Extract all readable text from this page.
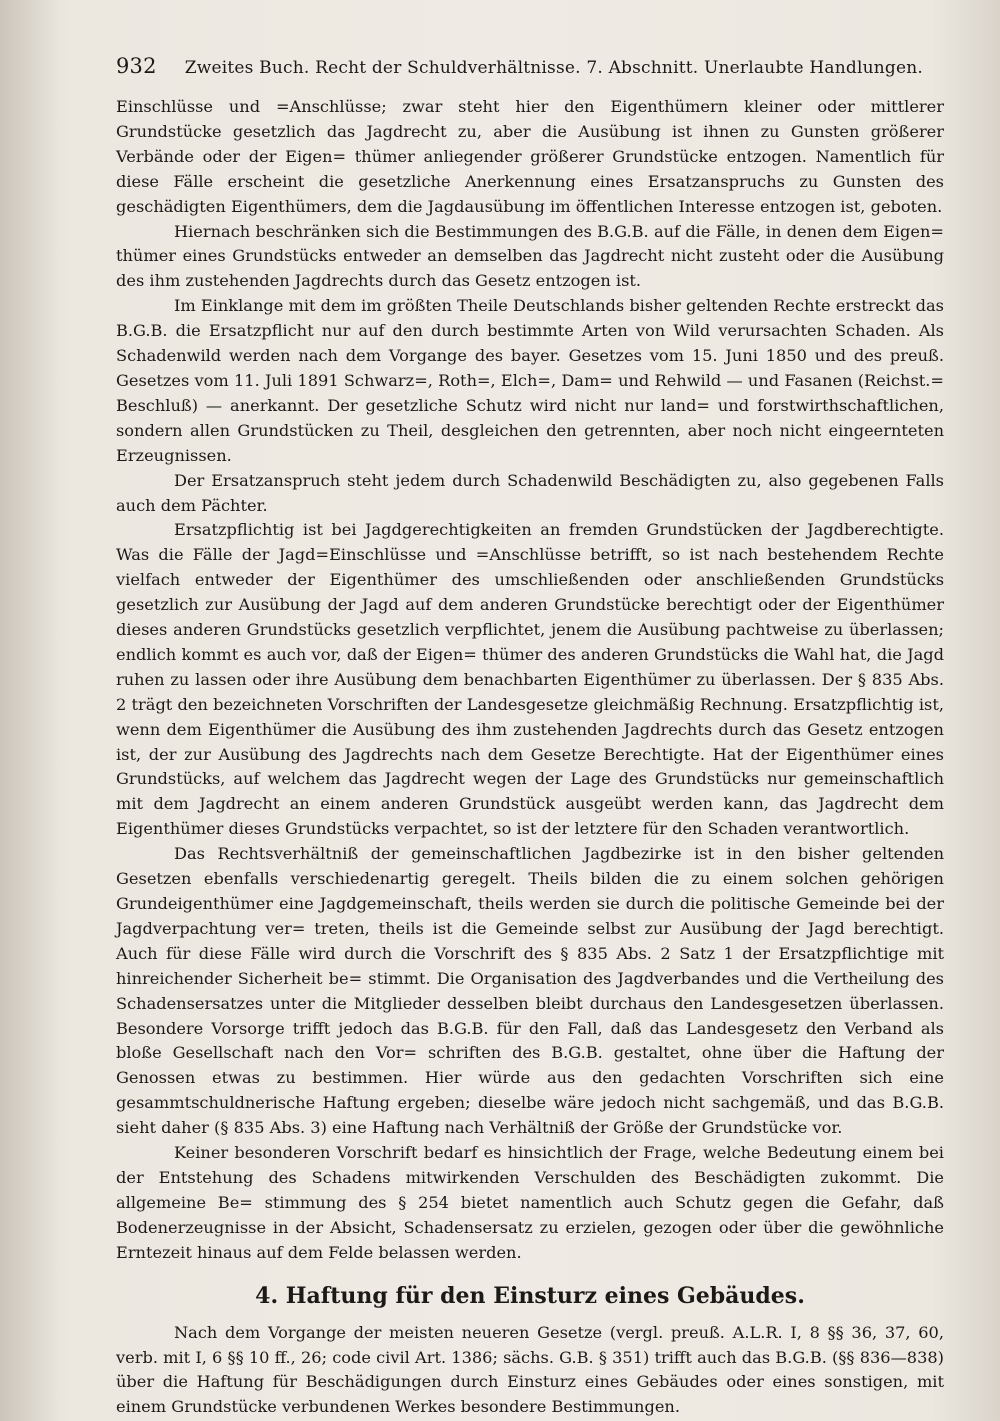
932 Zweites Buch. Recht der Schuldverhältnisse. 7. Abschnitt. Unerlaubte Handlungen.

Einschlüsse und =Anschlüsse; zwar steht hier den Eigenthümern kleiner oder mittlerer Grundstücke gesetzlich das Jagdrecht zu, aber die Ausübung ist ihnen zu Gunsten größerer Verbände oder der Eigen= thümer anliegender größerer Grundstücke entzogen. Namentlich für diese Fälle erscheint die gesetzliche Anerkennung eines Ersatzanspruchs zu Gunsten des geschädigten Eigenthümers, dem die Jagdausübung im öffentlichen Interesse entzogen ist, geboten.

Hiernach beschränken sich die Bestimmungen des B.G.B. auf die Fälle, in denen dem Eigen= thümer eines Grundstücks entweder an demselben das Jagdrecht nicht zusteht oder die Ausübung des ihm zustehenden Jagdrechts durch das Gesetz entzogen ist.

Im Einklange mit dem im größten Theile Deutschlands bisher geltenden Rechte erstreckt das B.G.B. die Ersatzpflicht nur auf den durch bestimmte Arten von Wild verursachten Schaden. Als Schadenwild werden nach dem Vorgange des bayer. Gesetzes vom 15. Juni 1850 und des preuß. Gesetzes vom 11. Juli 1891 Schwarz=, Roth=, Elch=, Dam= und Rehwild — und Fasanen (Reichst.= Beschluß) — anerkannt. Der gesetzliche Schutz wird nicht nur land= und forstwirthschaftlichen, sondern allen Grundstücken zu Theil, desgleichen den getrennten, aber noch nicht eingeernteten Erzeugnissen.

Der Ersatzanspruch steht jedem durch Schadenwild Beschädigten zu, also gegebenen Falls auch dem Pächter.

Ersatzpflichtig ist bei Jagdgerechtigkeiten an fremden Grundstücken der Jagdberechtigte. Was die Fälle der Jagd=Einschlüsse und =Anschlüsse betrifft, so ist nach bestehendem Rechte vielfach entweder der Eigenthümer des umschließenden oder anschließenden Grundstücks gesetzlich zur Ausübung der Jagd auf dem anderen Grundstücke berechtigt oder der Eigenthümer dieses anderen Grundstücks gesetzlich verpflichtet, jenem die Ausübung pachtweise zu überlassen; endlich kommt es auch vor, daß der Eigen= thümer des anderen Grundstücks die Wahl hat, die Jagd ruhen zu lassen oder ihre Ausübung dem benachbarten Eigenthümer zu überlassen. Der § 835 Abs. 2 trägt den bezeichneten Vorschriften der Landesgesetze gleichmäßig Rechnung. Ersatzpflichtig ist, wenn dem Eigenthümer die Ausübung des ihm zustehenden Jagdrechts durch das Gesetz entzogen ist, der zur Ausübung des Jagdrechts nach dem Gesetze Berechtigte. Hat der Eigenthümer eines Grundstücks, auf welchem das Jagdrecht wegen der Lage des Grundstücks nur gemeinschaftlich mit dem Jagdrecht an einem anderen Grundstück ausgeübt werden kann, das Jagdrecht dem Eigenthümer dieses Grundstücks verpachtet, so ist der letztere für den Schaden verantwortlich.

Das Rechtsverhältniß der gemeinschaftlichen Jagdbezirke ist in den bisher geltenden Gesetzen ebenfalls verschiedenartig geregelt. Theils bilden die zu einem solchen gehörigen Grundeigenthümer eine Jagdgemeinschaft, theils werden sie durch die politische Gemeinde bei der Jagdverpachtung ver= treten, theils ist die Gemeinde selbst zur Ausübung der Jagd berechtigt. Auch für diese Fälle wird durch die Vorschrift des § 835 Abs. 2 Satz 1 der Ersatzpflichtige mit hinreichender Sicherheit be= stimmt. Die Organisation des Jagdverbandes und die Vertheilung des Schadensersatzes unter die Mitglieder desselben bleibt durchaus den Landesgesetzen überlassen. Besondere Vorsorge trifft jedoch das B.G.B. für den Fall, daß das Landesgesetz den Verband als bloße Gesellschaft nach den Vor= schriften des B.G.B. gestaltet, ohne über die Haftung der Genossen etwas zu bestimmen. Hier würde aus den gedachten Vorschriften sich eine gesammtschuldnerische Haftung ergeben; dieselbe wäre jedoch nicht sachgemäß, und das B.G.B. sieht daher (§ 835 Abs. 3) eine Haftung nach Verhältniß der Größe der Grundstücke vor.

Keiner besonderen Vorschrift bedarf es hinsichtlich der Frage, welche Bedeutung einem bei der Entstehung des Schadens mitwirkenden Verschulden des Beschädigten zukommt. Die allgemeine Be= stimmung des § 254 bietet namentlich auch Schutz gegen die Gefahr, daß Bodenerzeugnisse in der Absicht, Schadensersatz zu erzielen, gezogen oder über die gewöhnliche Erntezeit hinaus auf dem Felde belassen werden.

4. Haftung für den Einsturz eines Gebäudes.

Nach dem Vorgange der meisten neueren Gesetze (vergl. preuß. A.L.R. I, 8 §§ 36, 37, 60, verb. mit I, 6 §§ 10 ff., 26; code civil Art. 1386; sächs. G.B. § 351) trifft auch das B.G.B. (§§ 836—838) über die Haftung für Beschädigungen durch Einsturz eines Gebäudes oder eines sonstigen, mit einem Grundstücke verbundenen Werkes besondere Bestimmungen.
